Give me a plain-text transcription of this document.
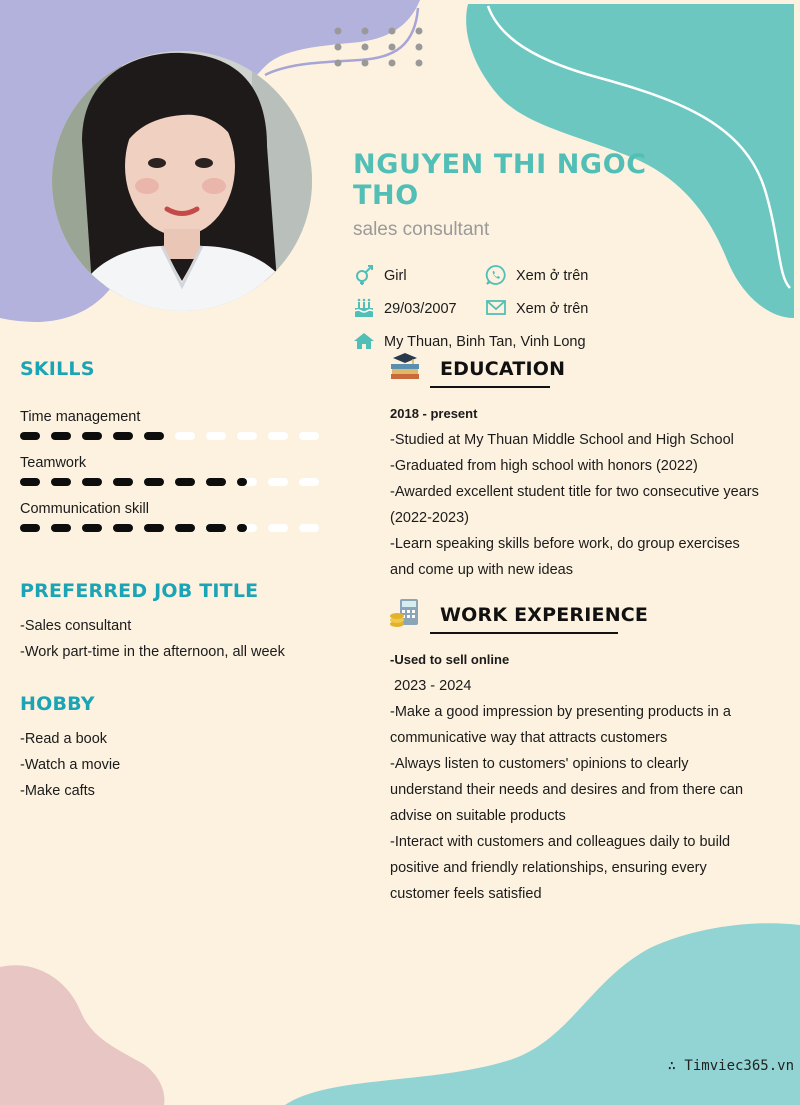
NGUYEN THI NGOC THO
sales consultant
Girl
29/03/2007
My Thuan, Binh Tan, Vinh Long
Xem ở trên
Xem ở trên
SKILLS
Time management
Teamwork
Communication skill
PREFERRED JOB TITLE
-Sales consultant
-Work part-time in the afternoon, all week
HOBBY
-Read a book
-Watch a movie
-Make cafts
EDUCATION
2018 - present
-Studied at My Thuan Middle School and High School
-Graduated from high school with honors (2022)
-Awarded excellent student title for two consecutive years (2022-2023)
-Learn speaking skills before work, do group exercises and come up with new ideas
WORK EXPERIENCE
-Used to sell online
2023 - 2024
-Make a good impression by presenting products in a communicative way that attracts customers
-Always listen to customers' opinions to clearly understand their needs and desires and from there can advise on suitable products
-Interact with customers and colleagues daily to build positive and friendly relationships, ensuring every customer feels satisfied
∴ Timviec365.vn
